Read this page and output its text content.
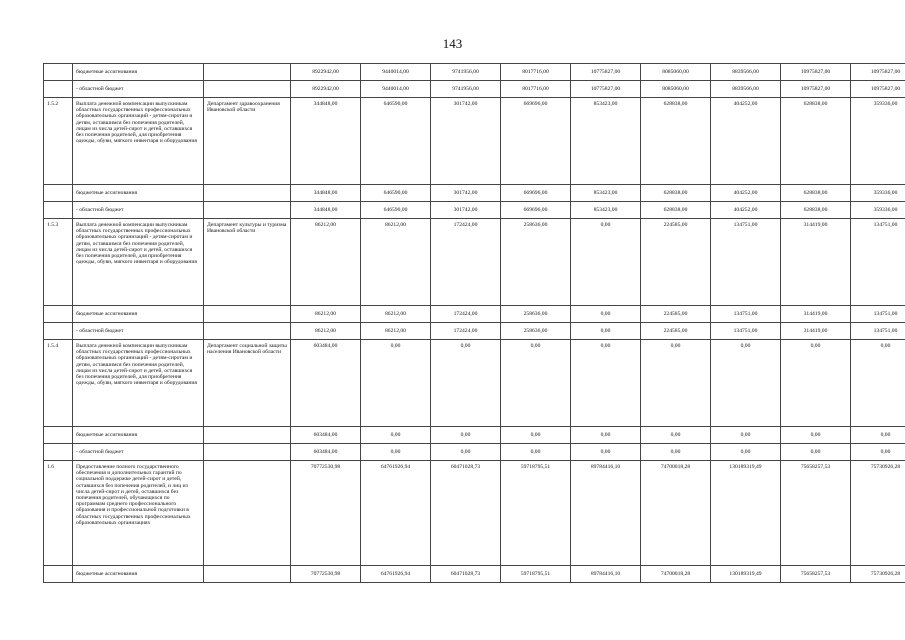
143
	бюджетные ассигнования		8922942,00	9440014,00	9741956,00	8017716,00	10775827,00	8085060,00	8839566,00	10975827,00	10975827,00
	- областной бюджет		8922942,00	9440014,00	9741956,00	8017716,00	10775827,00	8085060,00	8839566,00	10975827,00	10975827,00
1.5.2	Выплата денежной компенсации выпускникам областных государственных профессиональных образовательных организаций - детям-сиротам и детям, оставшимся без попечения родителей, лицам из числа детей-сирот и детей, оставшихся без попечения родителей, для приобретения одежды, обуви, мягкого инвентаря и оборудования	Департамент здравоохранения Ивановской области	344848,00	646590,00	301742,00	669696,00	853423,00	628838,00	404252,00	628838,00	359336,00
	бюджетные ассигнования		344848,00	646590,00	301742,00	669696,00	853423,00	628838,00	404252,00	628838,00	359336,00
	- областной бюджет		344848,00	646590,00	301742,00	669696,00	853423,00	628838,00	404252,00	628838,00	359336,00
1.5.3	Выплата денежной компенсации выпускникам областных государственных профессиональных образовательных организаций - детям-сиротам и детям, оставшимся без попечения родителей, лицам из числа детей-сирот и детей, оставшихся без попечения родителей, для приобретения одежды, обуви, мягкого инвентаря и оборудования	Департамент культуры и туризма Ивановской области	86212,00	86212,00	172424,00	258636,00	0,00	224585,00	134751,00	314419,00	134751,00
	бюджетные ассигнования		86212,00	86212,00	172424,00	258636,00	0,00	224585,00	134751,00	314419,00	134751,00
	- областной бюджет		86212,00	86212,00	172424,00	258636,00	0,00	224585,00	134751,00	314419,00	134751,00
1.5.4	Выплата денежной компенсации выпускникам областных государственных профессиональных образовательных организаций - детям-сиротам и детям, оставшимся без попечения родителей, лицам из числа детей-сирот и детей, оставшихся без попечения родителей, для приобретения одежды, обуви, мягкого инвентаря и оборудования	Департамент социальной защиты населения Ивановской области	603484,00	0,00	0,00	0,00	0,00	0,00	0,00	0,00	0,00
	бюджетные ассигнования		603484,00	0,00	0,00	0,00	0,00	0,00	0,00	0,00	0,00
	- областной бюджет		603484,00	0,00	0,00	0,00	0,00	0,00	0,00	0,00	0,00
1.6	Предоставление полного государственного обеспечения и дополнительных гарантий по социальной поддержке детей-сирот и детей, оставшихся без попечения родителей, и лиц из числа детей-сирот и детей, оставшихся без попечения родителей, обучающихся по программам среднего профессионального образования и профессиональной подготовки в областных государственных профессиональных образовательных организациях		70772530,98	64761926,94	60471028,73	59718795,51	89784416,10	74700018,28	130189319,49	75658257,53	75730926,28
	бюджетные ассигнования		70772530,98	64761926,94	60471028,73	59718795,51	89784416,10	74700018,28	130189319,49	75658257,53	75730926,28
